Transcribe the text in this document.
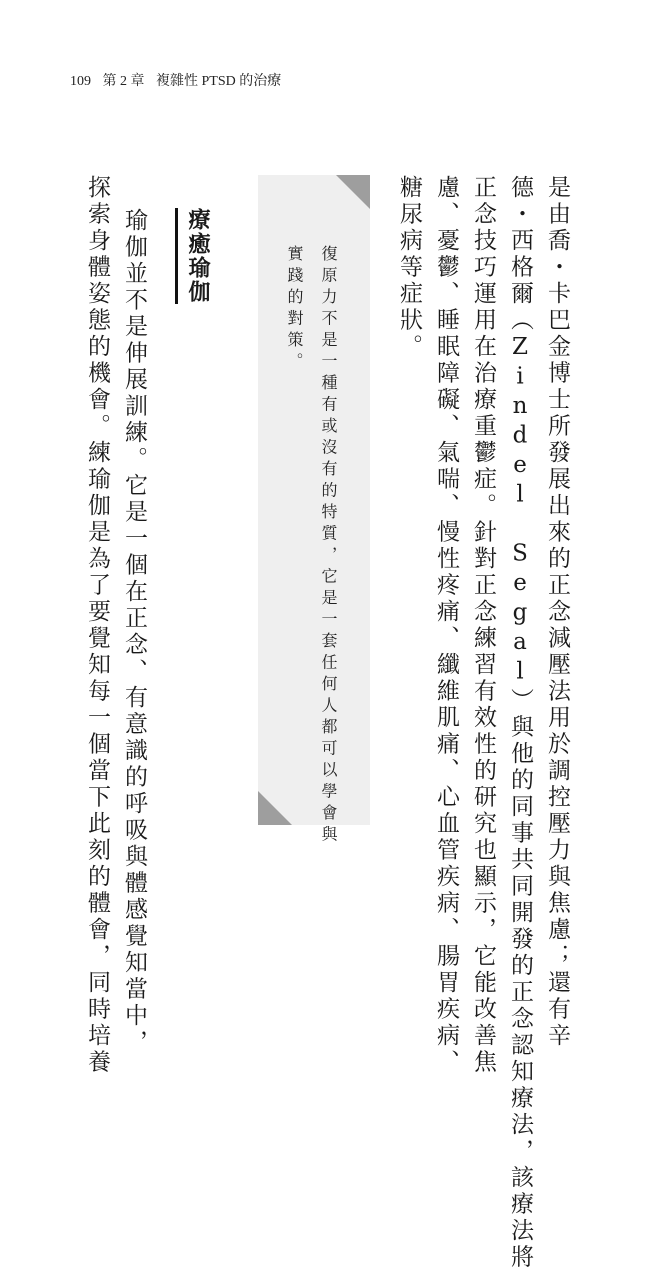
109 第 2 章 複雜性 PTSD 的治療
是由喬・卡巴金博士所發展出來的正念減壓法用於調控壓力與焦慮；還有辛
德・西格爾（Zindel Segal）與他的同事共同開發的正念認知療法，該療法將
正念技巧運用在治療重鬱症。針對正念練習有效性的研究也顯示，它能改善焦
慮、憂鬱、睡眠障礙、氣喘、慢性疼痛、纖維肌痛、心血管疾病、腸胃疾病、
糖尿病等症狀。
復原力不是一種有或沒有的特質，它是一套任何人都可以學會與
實踐的對策。
療癒瑜伽
瑜伽並不是伸展訓練。它是一個在正念、有意識的呼吸與體感覺知當中，
探索身體姿態的機會。練瑜伽是為了要覺知每一個當下此刻的體會，同時培養
